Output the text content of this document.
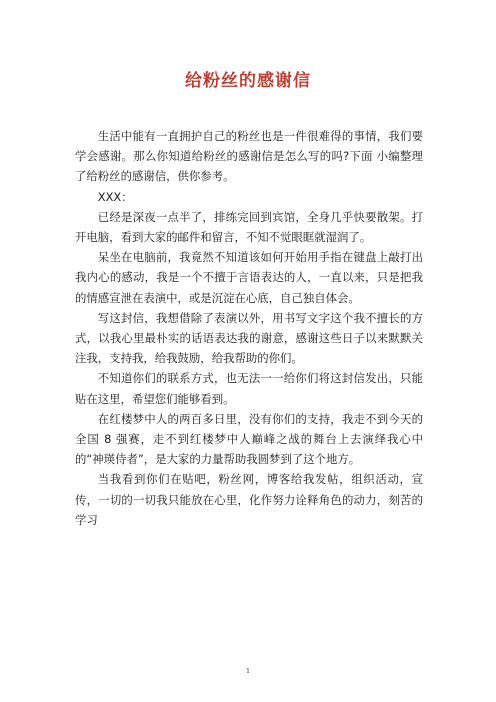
给粉丝的感谢信

生活中能有一直拥护自己的粉丝也是一件很难得的事情，我们要学会感谢。那么你知道给粉丝的感谢信是怎么写的吗?下面 小编整理了给粉丝的感谢信，供你参考。

XXX：

已经是深夜一点半了，排练完回到宾馆，全身几乎快要散架。打开电脑，看到大家的邮件和留言，不知不觉眼眶就湿润了。

呆坐在电脑前，我竟然不知道该如何开始用手指在键盘上敲打出我内心的感动，我是一个不擅于言语表达的人，一直以来，只是把我的情感宣泄在表演中，或是沉淀在心底，自己独自体会。

写这封信，我想借除了表演以外，用书写文字这个我不擅长的方式，以我心里最朴实的话语表达我的谢意，感谢这些日子以来默默关注我，支持我，给我鼓励，给我帮助的你们。

不知道你们的联系方式，也无法一一给你们将这封信发出，只能贴在这里，希望您们能够看到。

在红楼梦中人的两百多日里，没有你们的支持，我走不到今天的全国 8 强赛，走不到红楼梦中人巅峰之战的舞台上去演绎我心中的“神瑛侍者”，是大家的力量帮助我圆梦到了这个地方。

当我看到你们在贴吧，粉丝网，博客给我发帖，组织活动，宣传，一切的一切我只能放在心里，化作努力诠释角色的动力，刻苦的学习

1
